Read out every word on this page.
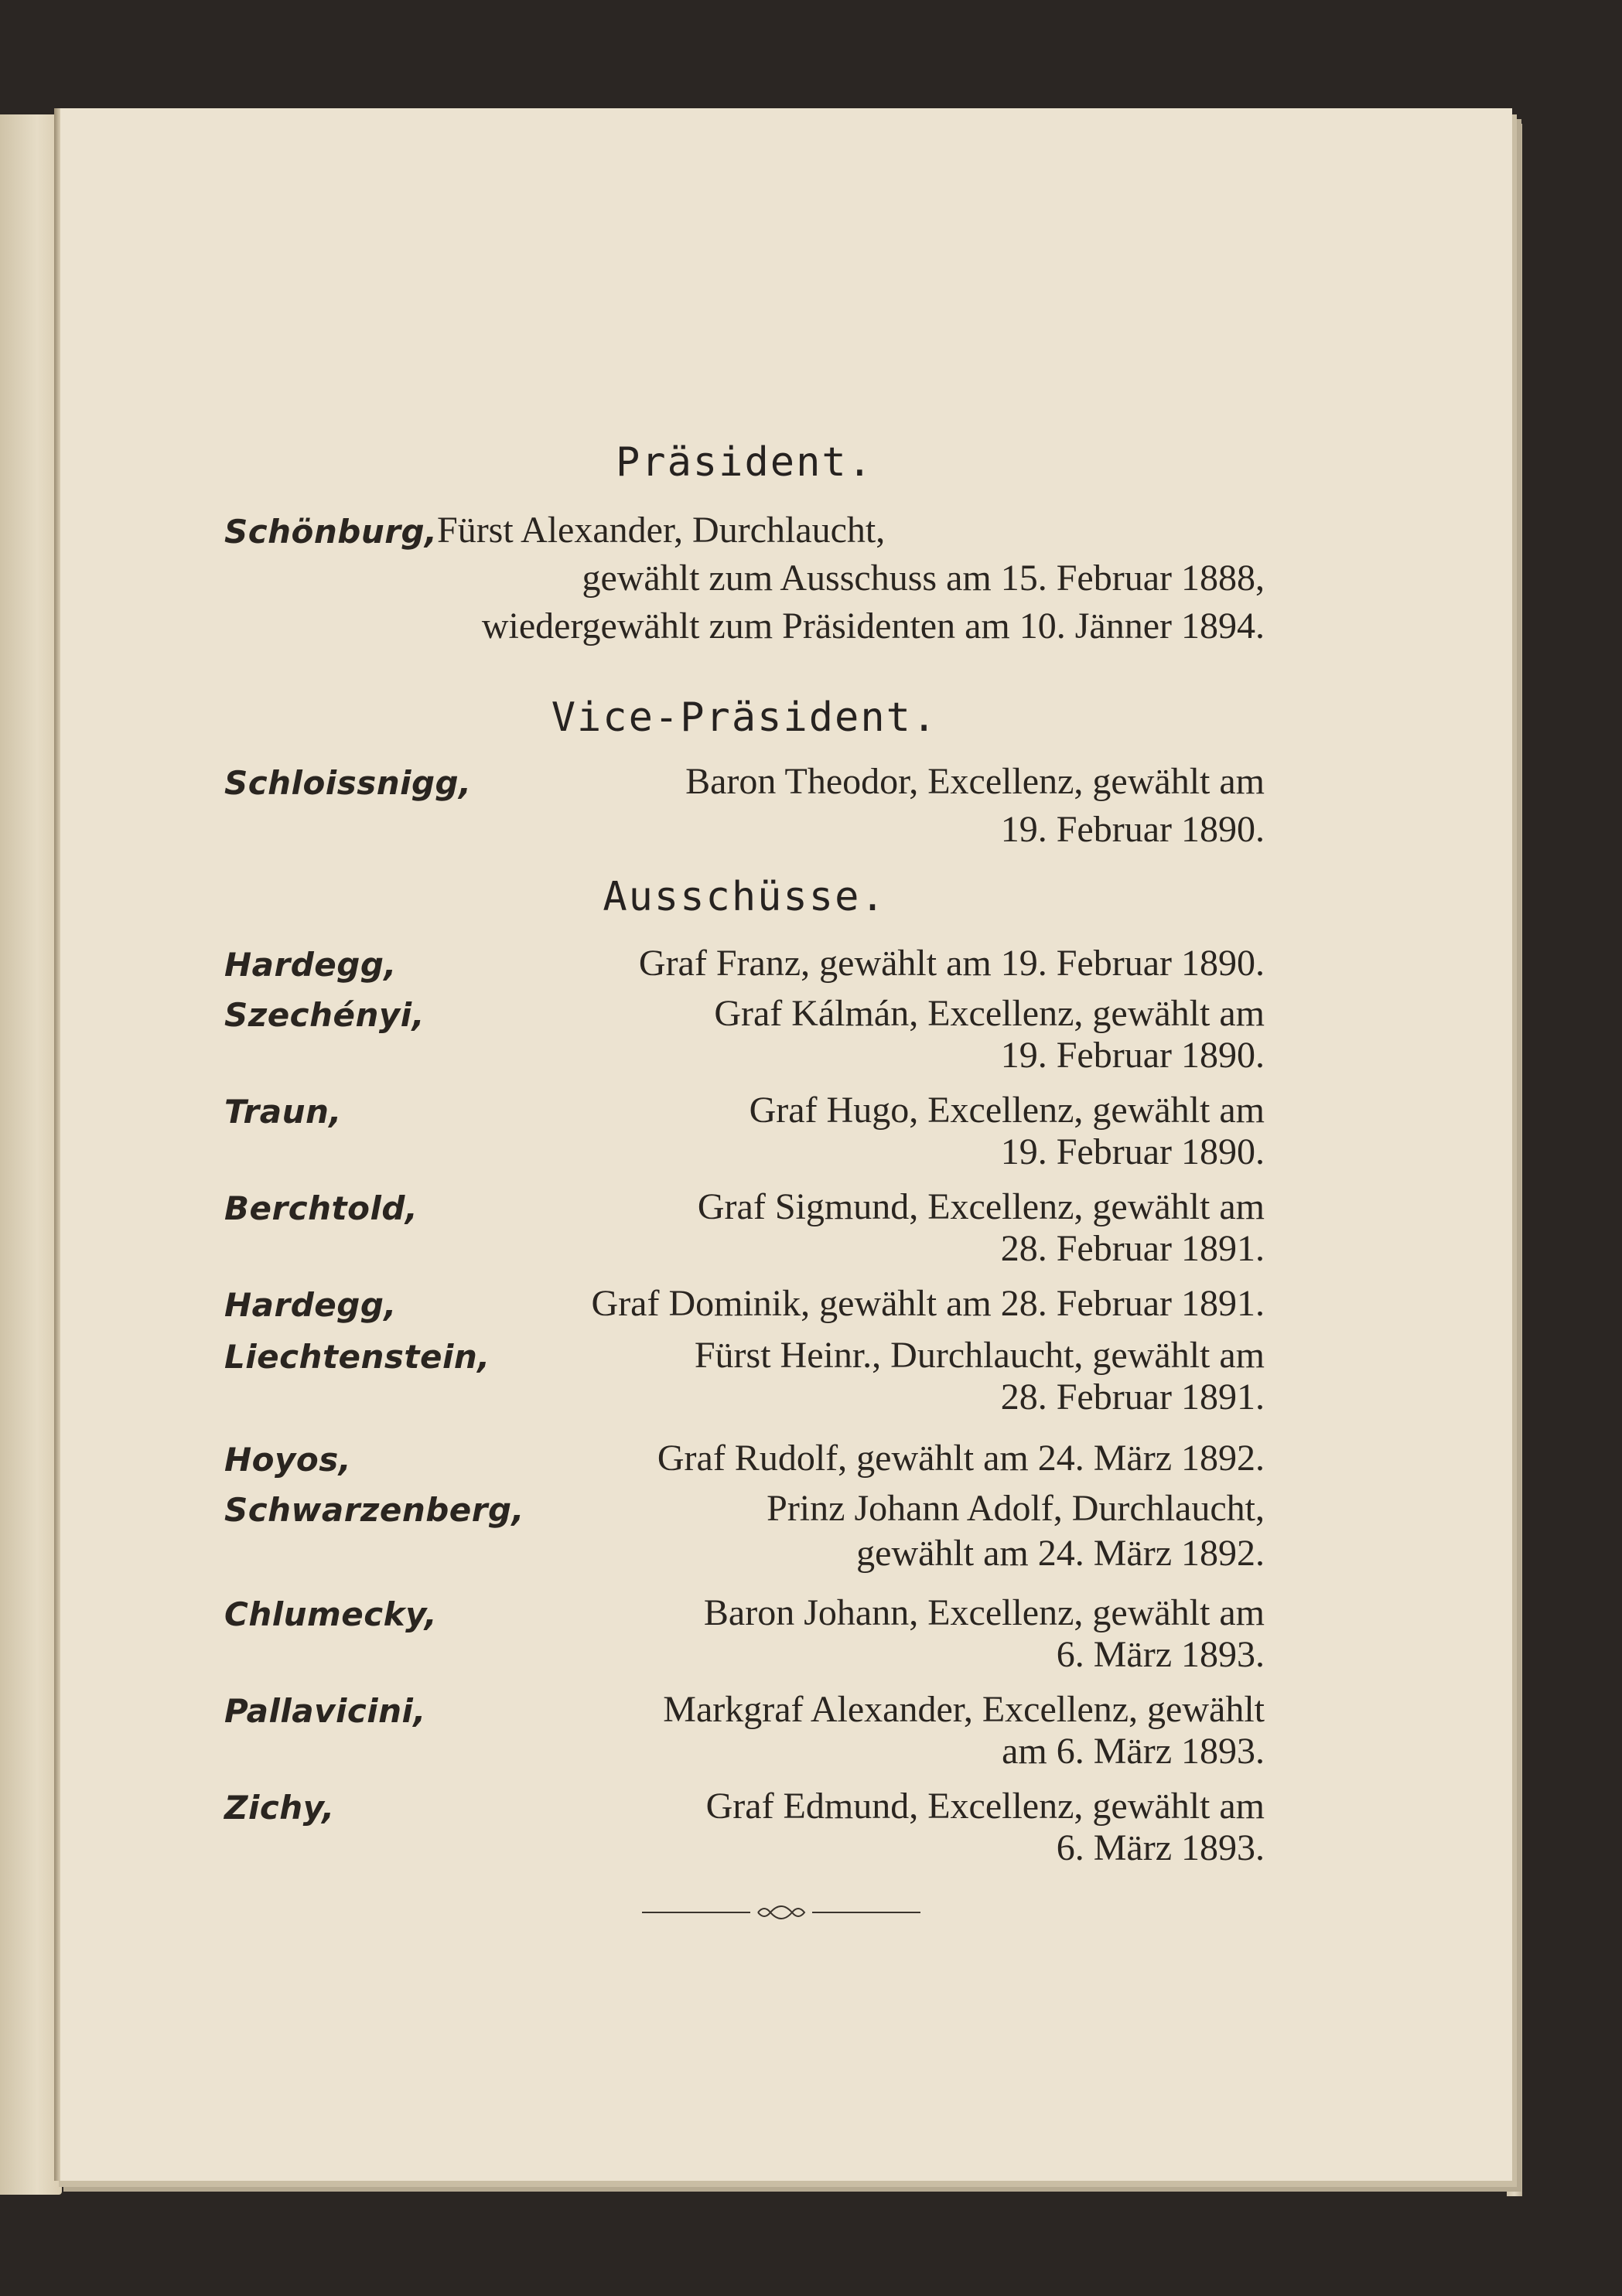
Präsident.
Schönburg, Fürst Alexander, Durchlaucht,
gewählt zum Ausschuss am 15. Februar 1888,
wiedergewählt zum Präsidenten am 10. Jänner 1894.
Vice-Präsident.
Schloissnigg,	Baron Theodor, Excellenz, gewählt am
19. Februar 1890.
Ausschüsse.
Hardegg,	Graf Franz, gewählt am 19. Februar 1890.
Szechényi,	Graf Kálmán, Excellenz, gewählt am
19. Februar 1890.
Traun,	Graf Hugo, Excellenz, gewählt am
19. Februar 1890.
Berchtold,	Graf Sigmund, Excellenz, gewählt am
28. Februar 1891.
Hardegg,	Graf Dominik, gewählt am 28. Februar 1891.
Liechtenstein,	Fürst Heinr., Durchlaucht, gewählt am
28. Februar 1891.
Hoyos,	Graf Rudolf, gewählt am 24. März 1892.
Schwarzenberg,	Prinz Johann Adolf, Durchlaucht,
gewählt am 24. März 1892.
Chlumecky,	Baron Johann, Excellenz, gewählt am
6. März 1893.
Pallavicini,	Markgraf Alexander, Excellenz, gewählt
am 6. März 1893.
Zichy,	Graf Edmund, Excellenz, gewählt am
6. März 1893.
